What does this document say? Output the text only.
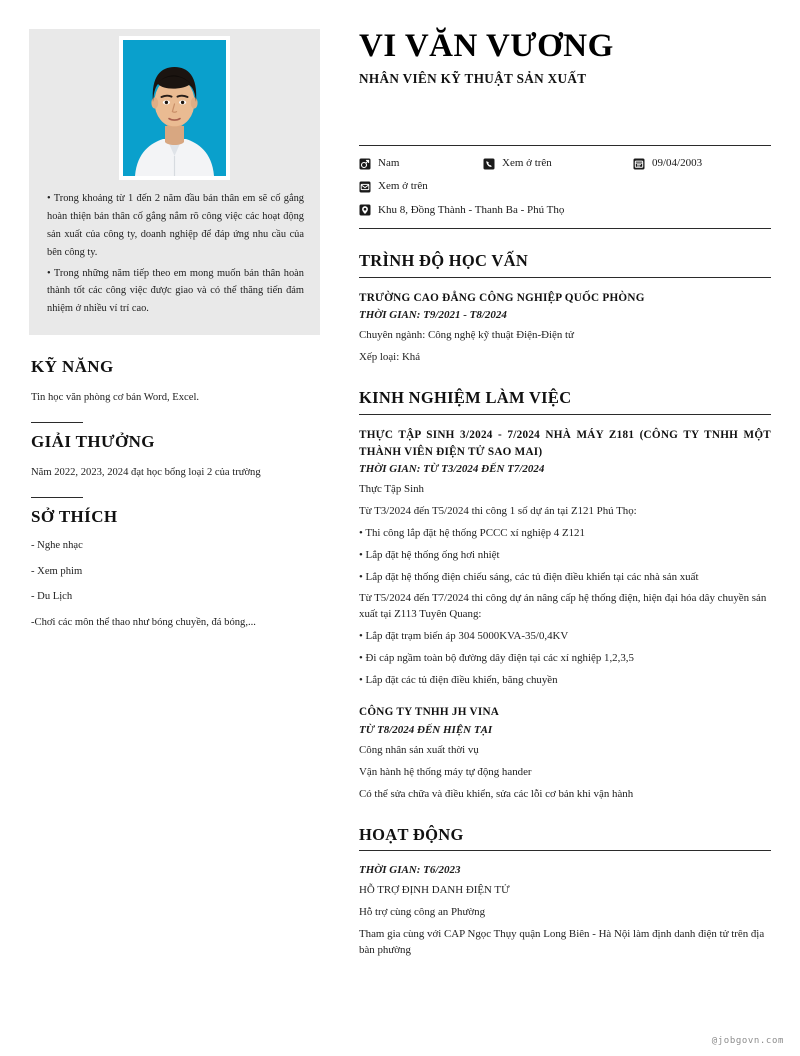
• Trong khoảng từ 1 đến 2 năm đầu bản thân em sẽ cố gắng hoàn thiện bản thân cố gắng nắm rõ công việc các hoạt động sản xuất của công ty, doanh nghiệp để đáp ứng nhu cầu của bên công ty.

• Trong những năm tiếp theo em mong muốn bản thân hoàn thành tốt các công việc được giao và có thể thăng tiến đảm nhiệm ở nhiều ví trí cao.

KỸ NĂNG

Tin học văn phòng cơ bản Word, Excel.

GIẢI THƯỞNG

Năm 2022, 2023, 2024 đạt học bổng loại 2 của trường

SỞ THÍCH
- Nghe nhạc
- Xem phim
- Du Lịch
-Chơi các môn thể thao như bóng chuyền, đá bóng,...
VI VĂN VƯƠNG
NHÂN VIÊN KỸ THUẬT SẢN XUẤT
Nam	Xem ở trên	09/04/2003
Xem ở trên
Khu 8, Đồng Thành - Thanh Ba - Phú Thọ
TRÌNH ĐỘ HỌC VẤN
TRƯỜNG CAO ĐẲNG CÔNG NGHIỆP QUỐC PHÒNG
THỜI GIAN: T9/2021 - T8/2024

Chuyên ngành: Công nghệ kỹ thuật Điện-Điện tử

Xếp loại: Khá

KINH NGHIỆM LÀM VIỆC
THỰC TẬP SINH 3/2024 - 7/2024 NHÀ MÁY Z181 (CÔNG TY TNHH MỘT THÀNH VIÊN ĐIỆN TỬ SAO MAI)
THỜI GIAN: TỪ T3/2024 ĐẾN T7/2024

Thực Tập Sinh

Từ T3/2024 đến T5/2024 thi công 1 số dự án tại Z121 Phú Thọ:

• Thi công lắp đặt hệ thống PCCC xí nghiệp 4 Z121

• Lắp đặt hệ thống ống hơi nhiệt

• Lắp đặt hệ thống điện chiếu sáng, các tủ điện điều khiển tại các nhà sản xuất

Từ T5/2024 đến T7/2024 thi công dự án nâng cấp hệ thống điện, hiện đại hóa dây chuyền sản xuất tại Z113 Tuyên Quang:

• Lắp đặt trạm biến áp 304 5000KVA-35/0,4KV

• Đi cáp ngầm toàn bộ đường dây điện tại các xí nghiệp 1,2,3,5

• Lắp đặt các tủ điện điều khiển, băng chuyền

CÔNG TY TNHH JH VINA
TỪ T8/2024 ĐẾN HIỆN TẠI

Công nhân sản xuất thời vụ

Vận hành hệ thống máy tự động hander

Có thể sửa chữa và điều khiển, sửa các lỗi cơ bản khi vận hành

HOẠT ĐỘNG
THỜI GIAN: T6/2023

HỖ TRỢ ĐỊNH DANH ĐIỆN TỬ

Hỗ trợ cùng công an Phường

Tham gia cùng với CAP Ngọc Thụy quận Long Biên - Hà Nội làm định danh điện tử trên địa bàn phường

@jobgovn.com
